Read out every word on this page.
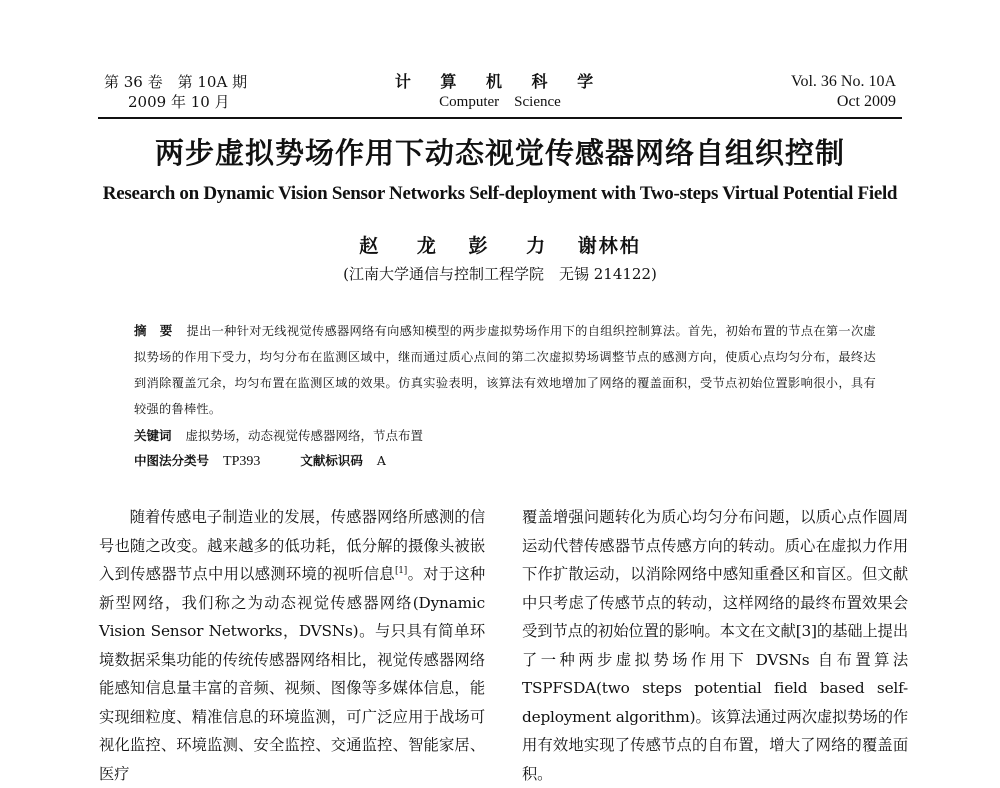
第 36 卷　第 10A 期
2009 年 10 月
计 算 机 科 学
Computer　Science
Vol. 36 No. 10A
Oct 2009
两步虚拟势场作用下动态视觉传感器网络自组织控制
Research on Dynamic Vision Sensor Networks Self-deployment with Two-steps Virtual Potential Field
赵 龙 彭 力 谢林柏
(江南大学通信与控制工程学院　无锡 214122)
摘　要 提出一种针对无线视觉传感器网络有向感知模型的两步虚拟势场作用下的自组织控制算法。首先，初始布置的节点在第一次虚拟势场的作用下受力，均匀分布在监测区域中，继而通过质心点间的第二次虚拟势场调整节点的感测方向，使质心点均匀分布，最终达到消除覆盖冗余，均匀布置在监测区域的效果。仿真实验表明，该算法有效地增加了网络的覆盖面积，受节点初始位置影响很小，具有较强的鲁棒性。
关键词 虚拟势场，动态视觉传感器网络，节点布置
中图法分类号 TP393	文献标识码 A

随着传感电子制造业的发展，传感器网络所感测的信号也随之改变。越来越多的低功耗，低分解的摄像头被嵌入到传感器节点中用以感测环境的视听信息[1]。对于这种新型网络，我们称之为动态视觉传感器网络(Dynamic Vision Sensor Networks，DVSNs)。与只具有简单环境数据采集功能的传统传感器网络相比，视觉传感器网络能感知信息量丰富的音频、视频、图像等多媒体信息，能实现细粒度、精准信息的环境监测，可广泛应用于战场可视化监控、环境监测、安全监控、交通监控、智能家居、医疗

覆盖增强问题转化为质心均匀分布问题，以质心点作圆周运动代替传感器节点传感方向的转动。质心在虚拟力作用下作扩散运动，以消除网络中感知重叠区和盲区。但文献中只考虑了传感节点的转动，这样网络的最终布置效果会受到节点的初始位置的影响。本文在文献[3]的基础上提出了一种两步虚拟势场作用下 DVSNs 自布置算法 TSPFSDA(two steps potential field based self-deployment algorithm)。该算法通过两次虚拟势场的作用有效地实现了传感节点的自布置，增大了网络的覆盖面积。
